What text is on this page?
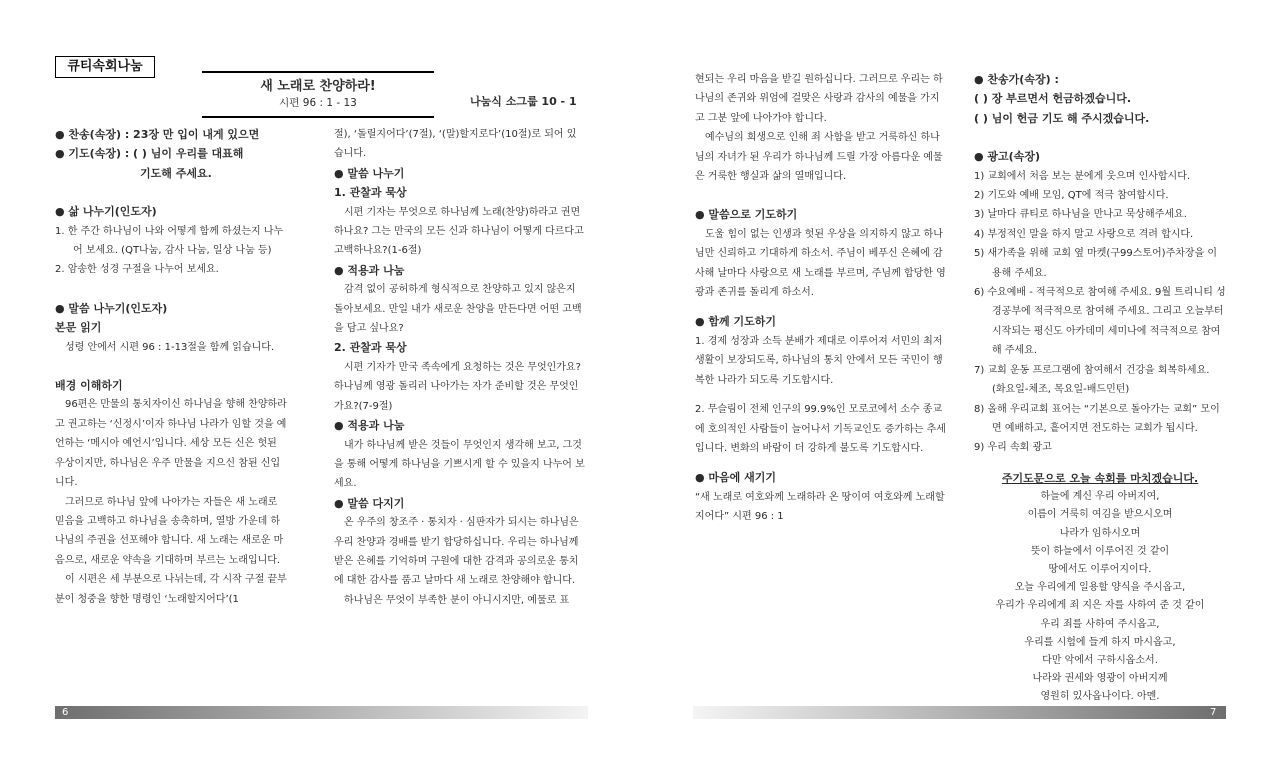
큐티속회나눔
새 노래로 찬양하라!
시편 96 : 1 - 13	나눔식 소그룹 10 - 1

● 찬송(속장) : 23장 만 입이 내게 있으면

● 기도(속장) : ( ) 님이 우리를 대표해

기도해 주세요.

● 삶 나누기(인도자)

1. 한 주간 하나님이 나와 어떻게 함께 하셨는지 나누어 보세요. (QT나눔, 감사 나눔, 일상 나눔 등)

2. 암송한 성경 구절을 나누어 보세요.

● 말씀 나누기(인도자)

본문 읽기

성령 안에서 시편 96 : 1-13절을 함께 읽습니다.

배경 이해하기

96편은 만물의 통치자이신 하나님을 향해 찬양하라고 권고하는 ‘신정시’이자 하나님 나라가 임할 것을 예언하는 ‘메시아 예언시’입니다. 세상 모든 신은 헛된 우상이지만, 하나님은 우주 만물을 지으신 참된 신입니다.

그러므로 하나님 앞에 나아가는 자들은 새 노래로 믿음을 고백하고 하나님을 송축하며, 열방 가운데 하나님의 주권을 선포해야 합니다. 새 노래는 새로운 마음으로, 새로운 약속을 기대하며 부르는 노래입니다.

이 시편은 세 부분으로 나뉘는데, 각 시작 구절 끝부분이 청중을 향한 명령인 ‘노래할지어다’(1

절), ‘돌릴지어다’(7절), ‘(말)할지로다’(10절)로 되어 있습니다.

● 말씀 나누기

1. 관찰과 묵상

시편 기자는 무엇으로 하나님께 노래(찬양)하라고 권면하나요? 그는 만국의 모든 신과 하나님이 어떻게 다르다고 고백하나요?(1-6절)

● 적용과 나눔

감격 없이 공허하게 형식적으로 찬양하고 있지 않은지 돌아보세요. 만일 내가 새로운 찬양을 만든다면 어떤 고백을 담고 싶나요?

2. 관찰과 묵상

시편 기자가 만국 족속에게 요청하는 것은 무엇인가요? 하나님께 영광 돌리러 나아가는 자가 준비할 것은 무엇인가요?(7-9절)

● 적용과 나눔

내가 하나님께 받은 것들이 무엇인지 생각해 보고, 그것을 통해 어떻게 하나님을 기쁘시게 할 수 있을지 나누어 보세요.

● 말씀 다지기

온 우주의 창조주 · 통치자 · 심판자가 되시는 하나님은 우리 찬양과 경배를 받기 합당하십니다. 우리는 하나님께 받은 은혜를 기억하며 구원에 대한 감격과 공의로운 통치에 대한 감사를 품고 날마다 새 노래로 찬양해야 합니다.

하나님은 무엇이 부족한 분이 아니시지만, 예물로 표

현되는 우리 마음을 받길 원하십니다. 그러므로 우리는 하나님의 존귀와 위엄에 걸맞은 사랑과 감사의 예물을 가지고 그분 앞에 나아가야 합니다.

예수님의 희생으로 인해 죄 사함을 받고 거룩하신 하나님의 자녀가 된 우리가 하나님께 드릴 가장 아름다운 예물은 거룩한 행실과 삶의 열매입니다.

● 말씀으로 기도하기

도울 힘이 없는 인생과 헛된 우상을 의지하지 않고 하나님만 신뢰하고 기대하게 하소서. 주님이 베푸신 은혜에 감사해 날마다 사랑으로 새 노래를 부르며, 주님께 합당한 영광과 존귀를 돌리게 하소서.

● 함께 기도하기

1. 경제 성장과 소득 분배가 제대로 이루어져 서민의 최저 생활이 보장되도록, 하나님의 통치 안에서 모든 국민이 행복한 나라가 되도록 기도합시다.

2. 무슬림이 전체 인구의 99.9%인 모로코에서 소수 종교에 호의적인 사람들이 늘어나서 기독교인도 증가하는 추세입니다. 변화의 바람이 더 강하게 불도록 기도합시다.

● 마음에 새기기

“새 노래로 여호와께 노래하라 온 땅이여 여호와께 노래할지어다” 시편 96 : 1

● 찬송가(속장) :

( ) 장 부르면서 헌금하겠습니다.

( ) 님이 헌금 기도 해 주시겠습니다.

● 광고(속장)

1) 교회에서 처음 보는 분에게 웃으며 인사합시다.

2) 기도와 예배 모임, QT에 적극 참여합시다.

3) 날마다 큐티로 하나님을 만나고 묵상해주세요.

4) 부정적인 말을 하지 말고 사랑으로 격려 합시다.

5) 새가족을 위해 교회 옆 마켓(구99스토어)주차장을 이용해 주세요.

6) 수요예배 - 적극적으로 참여해 주세요. 9월 트리니티 성경공부에 적극적으로 참여해 주세요. 그리고 오늘부터 시작되는 평신도 아카데미 세미나에 적극적으로 참여해 주세요.

7) 교회 운동 프로그램에 참여해서 건강을 회복하세요. (화요일-체조, 목요일-배드민턴)

8) 올해 우리교회 표어는 “기본으로 돌아가는 교회” 모이면 예배하고, 흩어지면 전도하는 교회가 됩시다.

9) 우리 속회 광고

주기도문으로 오늘 속회를 마치겠습니다.

하늘에 계신 우리 아버지여,

이름이 거룩히 여김을 받으시오며

나라가 임하시오며

뜻이 하늘에서 이루어진 것 같이

땅에서도 이루어지이다.

오늘 우리에게 일용할 양식을 주시옵고,

우리가 우리에게 죄 지은 자를 사하여 준 것 같이

우리 죄를 사하여 주시옵고,

우리를 시험에 들게 하지 마시옵고,

다만 악에서 구하시옵소서.

나라와 권세와 영광이 아버지께

영원히 있사옵나이다. 아멘.

6	7
